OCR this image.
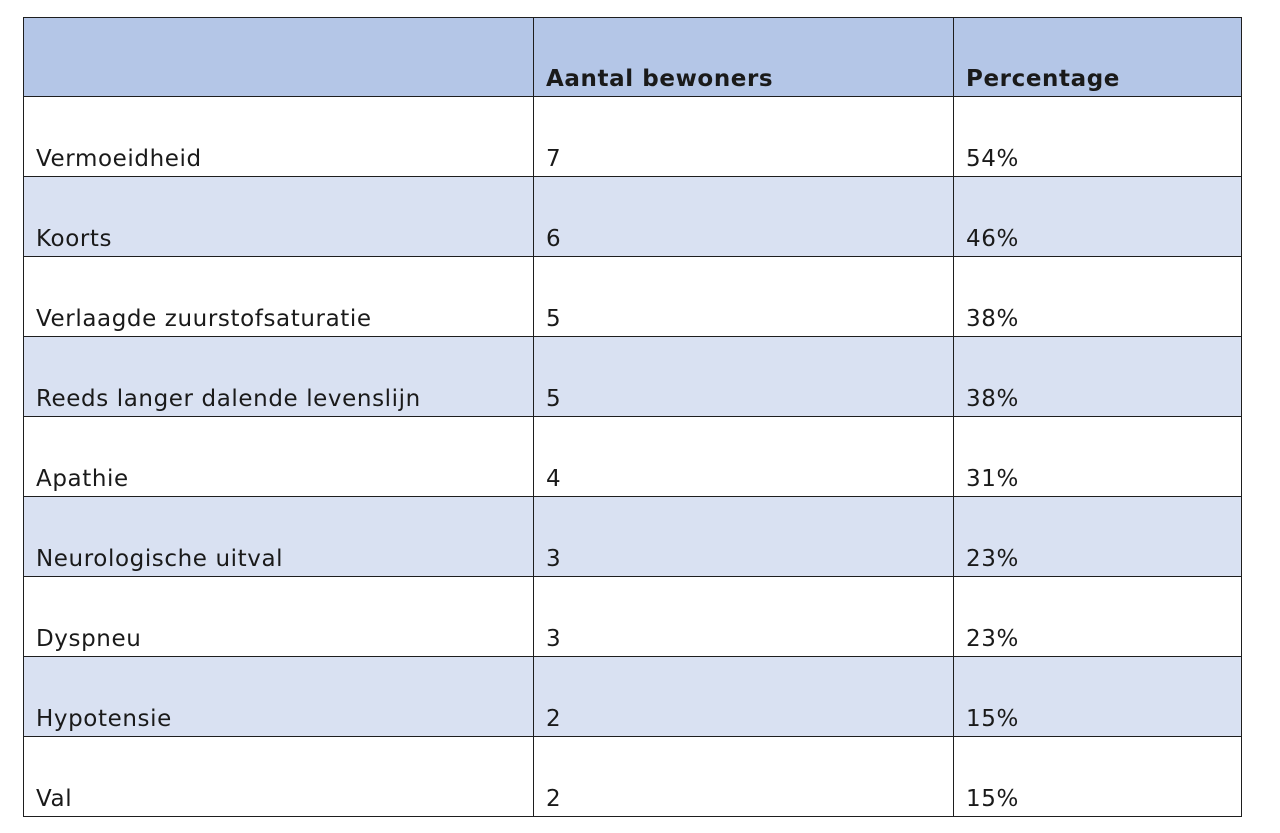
	Aantal bewoners	Percentage
Vermoeidheid	7	54%
Koorts	6	46%
Verlaagde zuurstofsaturatie	5	38%
Reeds langer dalende levenslijn	5	38%
Apathie	4	31%
Neurologische uitval	3	23%
Dyspneu	3	23%
Hypotensie	2	15%
Val	2	15%
